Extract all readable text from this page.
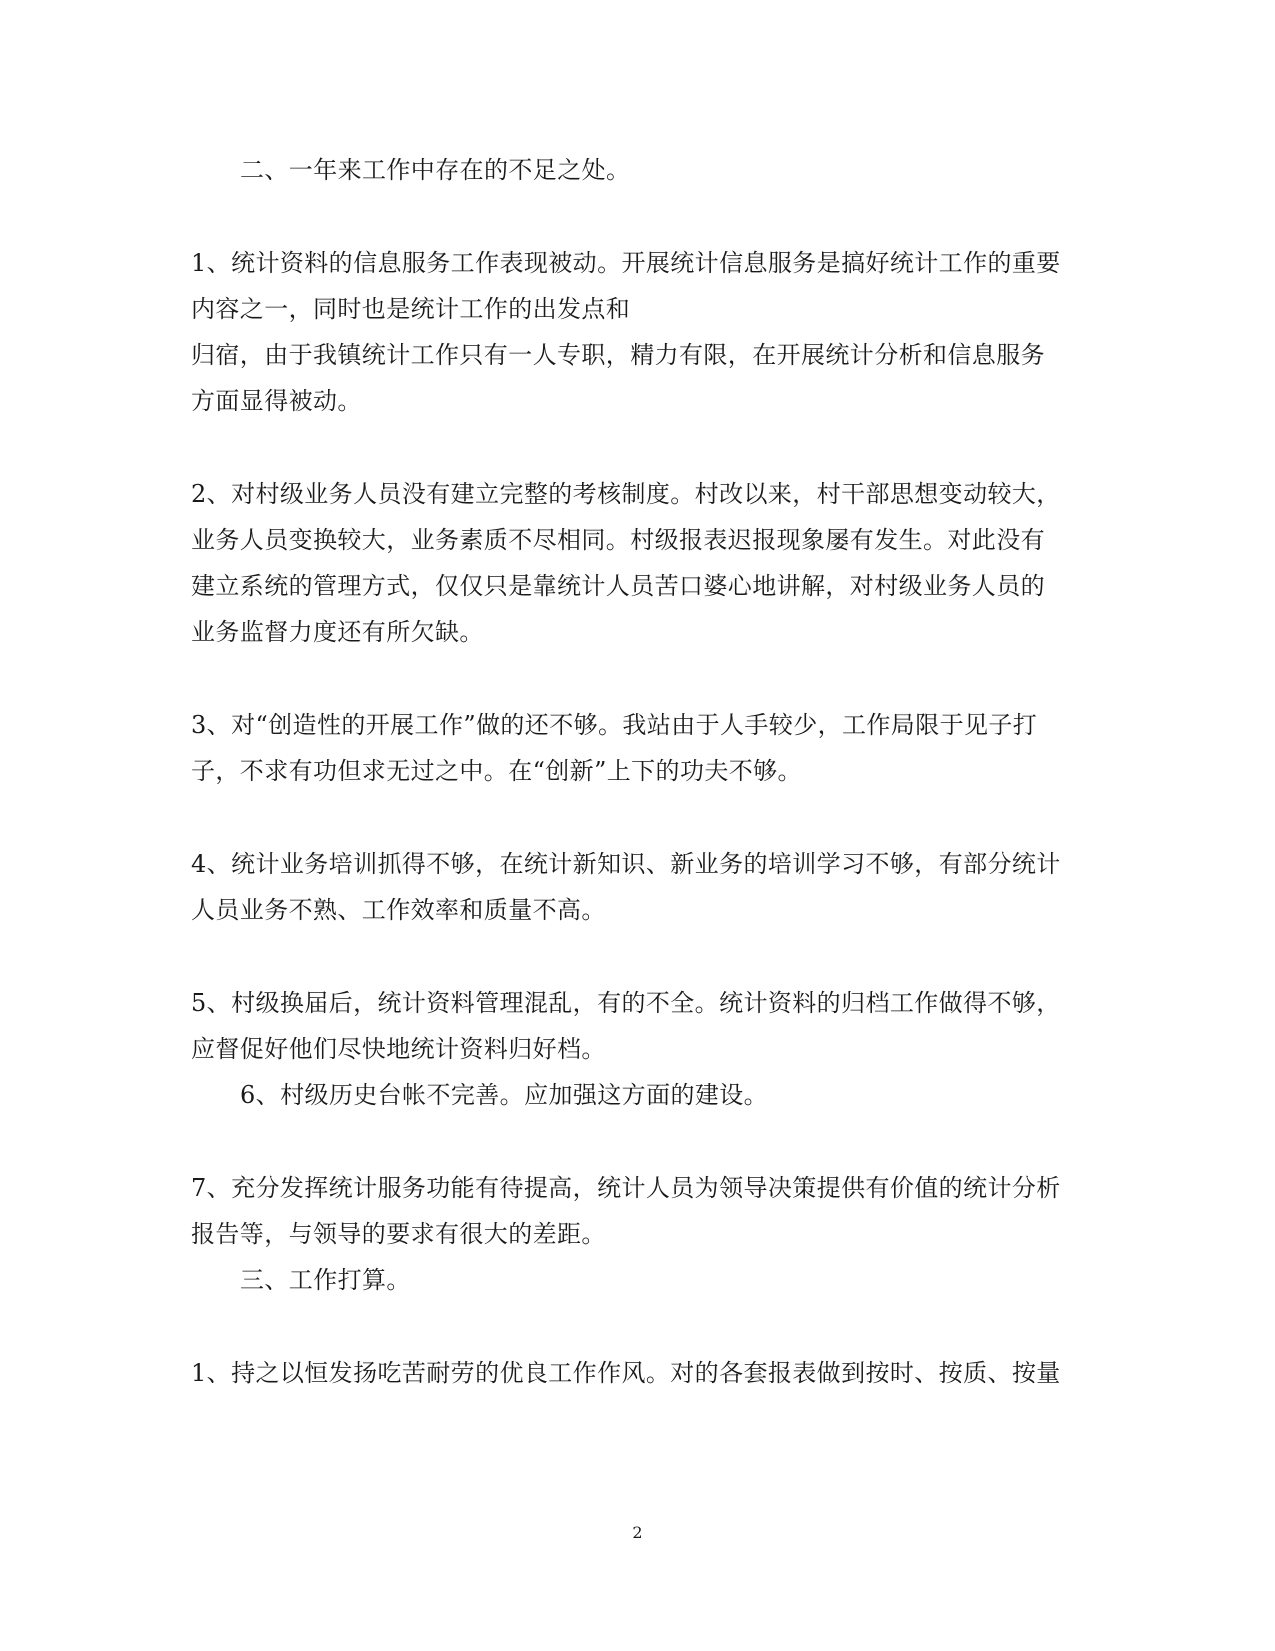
二、一年来工作中存在的不足之处。
1、统计资料的信息服务工作表现被动。开展统计信息服务是搞好统计工作的重要
内容之一，同时也是统计工作的出发点和
归宿，由于我镇统计工作只有一人专职，精力有限，在开展统计分析和信息服务
方面显得被动。
2、对村级业务人员没有建立完整的考核制度。村改以来，村干部思想变动较大，
业务人员变换较大，业务素质不尽相同。村级报表迟报现象屡有发生。对此没有
建立系统的管理方式，仅仅只是靠统计人员苦口婆心地讲解，对村级业务人员的
业务监督力度还有所欠缺。
3、对“创造性的开展工作”做的还不够。我站由于人手较少，工作局限于见子打
子，不求有功但求无过之中。在“创新”上下的功夫不够。
4、统计业务培训抓得不够，在统计新知识、新业务的培训学习不够，有部分统计
人员业务不熟、工作效率和质量不高。
5、村级换届后，统计资料管理混乱，有的不全。统计资料的归档工作做得不够，
应督促好他们尽快地统计资料归好档。
6、村级历史台帐不完善。应加强这方面的建设。
7、充分发挥统计服务功能有待提高，统计人员为领导决策提供有价值的统计分析
报告等，与领导的要求有很大的差距。
三、工作打算。
1、持之以恒发扬吃苦耐劳的优良工作作风。对的各套报表做到按时、按质、按量
2
